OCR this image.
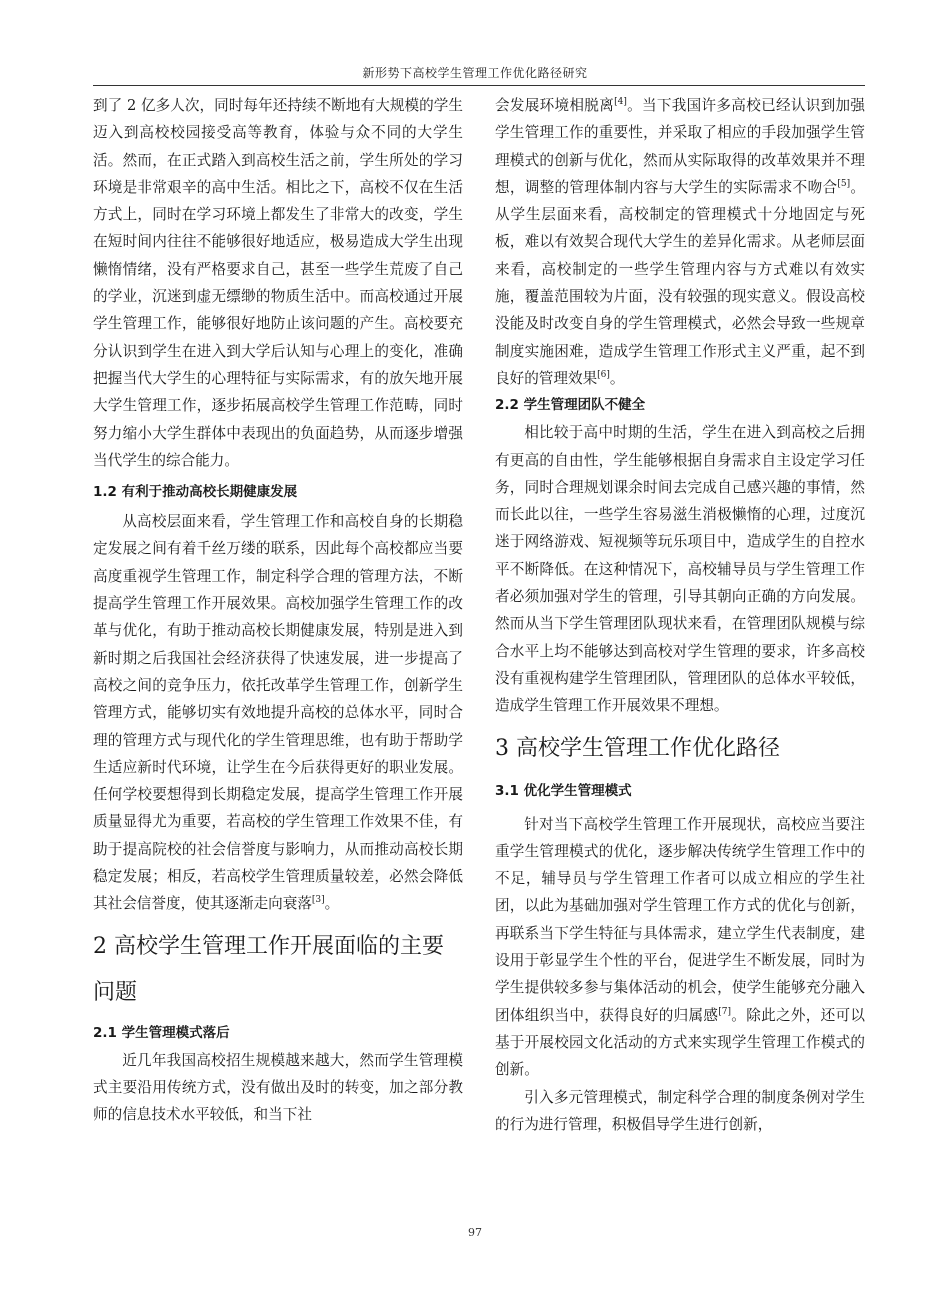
新形势下高校学生管理工作优化路径研究

到了 2 亿多人次，同时每年还持续不断地有大规模的学生迈入到高校校园接受高等教育，体验与众不同的大学生活。然而，在正式踏入到高校生活之前，学生所处的学习环境是非常艰辛的高中生活。相比之下，高校不仅在生活方式上，同时在学习环境上都发生了非常大的改变，学生在短时间内往往不能够很好地适应，极易造成大学生出现懒惰情绪，没有严格要求自己，甚至一些学生荒废了自己的学业，沉迷到虚无缥缈的物质生活中。而高校通过开展学生管理工作，能够很好地防止该问题的产生。高校要充分认识到学生在进入到大学后认知与心理上的变化，准确把握当代大学生的心理特征与实际需求，有的放矢地开展大学生管理工作，逐步拓展高校学生管理工作范畴，同时努力缩小大学生群体中表现出的负面趋势，从而逐步增强当代学生的综合能力。

1.2 有利于推动高校长期健康发展

从高校层面来看，学生管理工作和高校自身的长期稳定发展之间有着千丝万缕的联系，因此每个高校都应当要高度重视学生管理工作，制定科学合理的管理方法，不断提高学生管理工作开展效果。高校加强学生管理工作的改革与优化，有助于推动高校长期健康发展，特别是进入到新时期之后我国社会经济获得了快速发展，进一步提高了高校之间的竞争压力，依托改革学生管理工作，创新学生管理方式，能够切实有效地提升高校的总体水平，同时合理的管理方式与现代化的学生管理思维，也有助于帮助学生适应新时代环境，让学生在今后获得更好的职业发展。任何学校要想得到长期稳定发展，提高学生管理工作开展质量显得尤为重要，若高校的学生管理工作效果不佳，有助于提高院校的社会信誉度与影响力，从而推动高校长期稳定发展；相反，若高校学生管理质量较差，必然会降低其社会信誉度，使其逐渐走向衰落[3]。

2 高校学生管理工作开展面临的主要问题

2.1 学生管理模式落后

近几年我国高校招生规模越来越大，然而学生管理模式主要沿用传统方式，没有做出及时的转变，加之部分教师的信息技术水平较低，和当下社

会发展环境相脱离[4]。当下我国许多高校已经认识到加强学生管理工作的重要性，并采取了相应的手段加强学生管理模式的创新与优化，然而从实际取得的改革效果并不理想，调整的管理体制内容与大学生的实际需求不吻合[5]。从学生层面来看，高校制定的管理模式十分地固定与死板，难以有效契合现代大学生的差异化需求。从老师层面来看，高校制定的一些学生管理内容与方式难以有效实施，覆盖范围较为片面，没有较强的现实意义。假设高校没能及时改变自身的学生管理模式，必然会导致一些规章制度实施困难，造成学生管理工作形式主义严重，起不到良好的管理效果[6]。

2.2 学生管理团队不健全

相比较于高中时期的生活，学生在进入到高校之后拥有更高的自由性，学生能够根据自身需求自主设定学习任务，同时合理规划课余时间去完成自己感兴趣的事情，然而长此以往，一些学生容易滋生消极懒惰的心理，过度沉迷于网络游戏、短视频等玩乐项目中，造成学生的自控水平不断降低。在这种情况下，高校辅导员与学生管理工作者必须加强对学生的管理，引导其朝向正确的方向发展。然而从当下学生管理团队现状来看，在管理团队规模与综合水平上均不能够达到高校对学生管理的要求，许多高校没有重视构建学生管理团队，管理团队的总体水平较低，造成学生管理工作开展效果不理想。

3 高校学生管理工作优化路径

3.1 优化学生管理模式

针对当下高校学生管理工作开展现状，高校应当要注重学生管理模式的优化，逐步解决传统学生管理工作中的不足，辅导员与学生管理工作者可以成立相应的学生社团，以此为基础加强对学生管理工作方式的优化与创新，再联系当下学生特征与具体需求，建立学生代表制度，建设用于彰显学生个性的平台，促进学生不断发展，同时为学生提供较多参与集体活动的机会，使学生能够充分融入团体组织当中，获得良好的归属感[7]。除此之外，还可以基于开展校园文化活动的方式来实现学生管理工作模式的创新。

引入多元管理模式，制定科学合理的制度条例对学生的行为进行管理，积极倡导学生进行创新，

97
